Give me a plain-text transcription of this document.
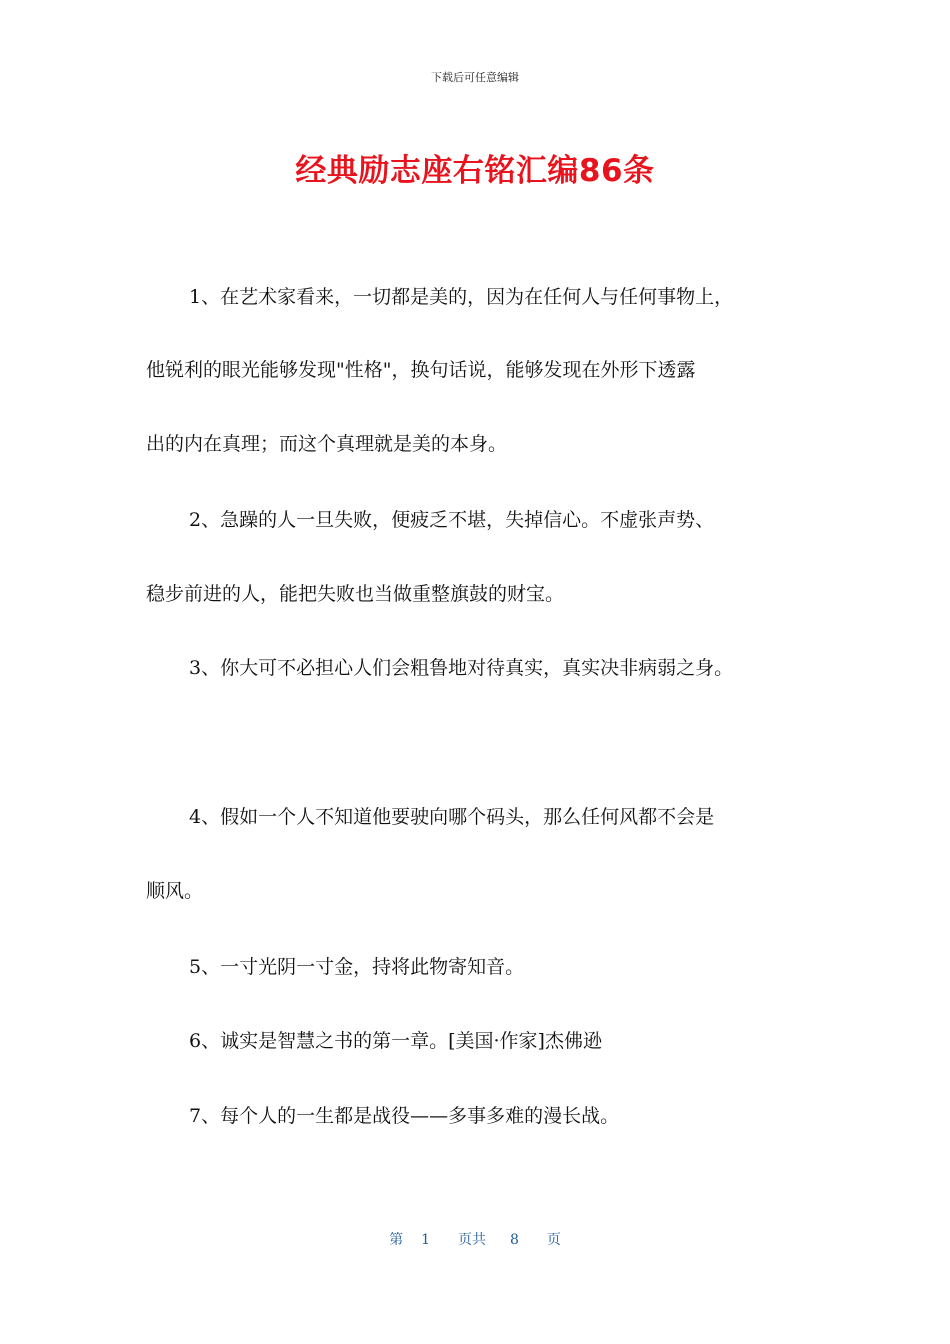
下载后可任意编辑
经典励志座右铭汇编86条
1、在艺术家看来，一切都是美的，因为在任何人与任何事物上，
他锐利的眼光能够发现"性格"，换句话说，能够发现在外形下透露
出的内在真理；而这个真理就是美的本身。
2、急躁的人一旦失败，便疲乏不堪，失掉信心。不虚张声势、
稳步前进的人，能把失败也当做重整旗鼓的财宝。
3、你大可不必担心人们会粗鲁地对待真实，真实决非病弱之身。
4、假如一个人不知道他要驶向哪个码头，那么任何风都不会是
顺风。
5、一寸光阴一寸金，持将此物寄知音。
6、诚实是智慧之书的第一章。[美国·作家]杰佛逊
7、每个人的一生都是战役——多事多难的漫长战。
第 1 页共 8 页
